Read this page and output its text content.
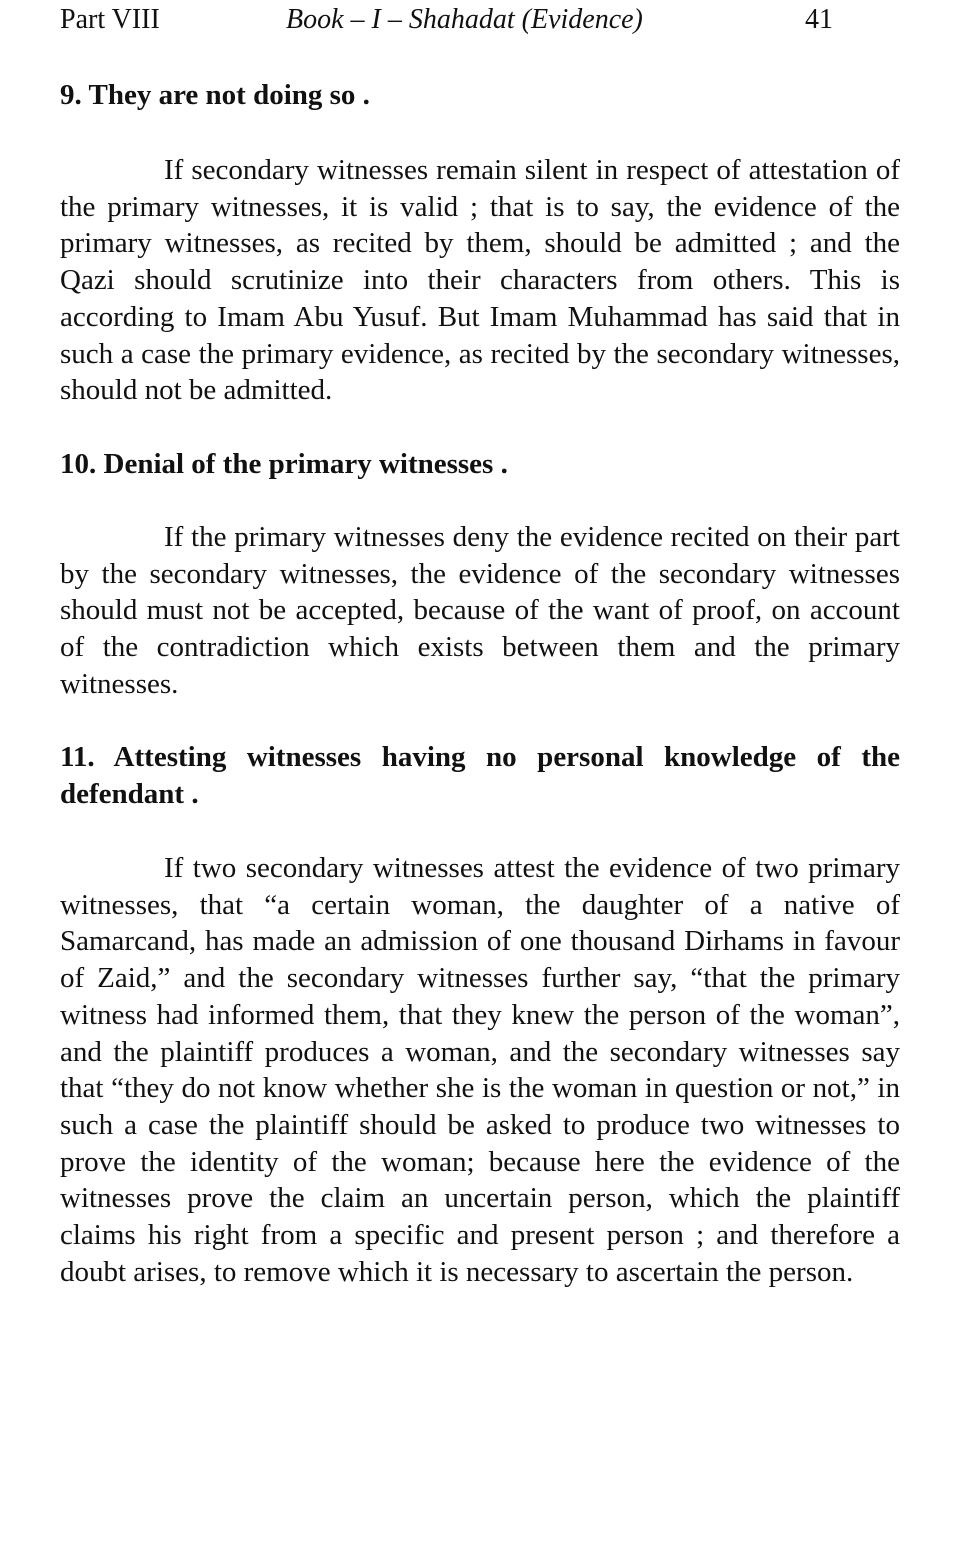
Part VIII	Book – I – Shahadat (Evidence)	41
9. They are not doing so .

If secondary witnesses remain silent in respect of attestation of the primary witnesses, it is valid ; that is to say, the evidence of the primary witnesses, as recited by them, should be admitted ; and the Qazi should scrutinize into their characters from others. This is according to Imam Abu Yusuf. But Imam Muhammad has said that in such a case the primary evidence, as recited by the secondary witnesses, should not be admitted.

10. Denial of the primary witnesses .

If the primary witnesses deny the evidence recited on their part by the secondary witnesses, the evidence of the secondary witnesses should must not be accepted, because of the want of proof, on account of the contradiction which exists between them and the primary witnesses.

11. Attesting witnesses having no personal knowledge of the defendant .

If two secondary witnesses attest the evidence of two primary witnesses, that “a certain woman, the daughter of a native of Samarcand, has made an admission of one thousand Dirhams in favour of Zaid,” and the secondary witnesses further say, “that the primary witness had informed them, that they knew the person of the woman”, and the plaintiff produces a woman, and the secondary witnesses say that “they do not know whether she is the woman in question or not,” in such a case the plaintiff should be asked to produce two witnesses to prove the identity of the woman; because here the evidence of the witnesses prove the claim an uncertain person, which the plaintiff claims his right from a specific and present person ; and therefore a doubt arises, to remove which it is necessary to ascertain the person.
